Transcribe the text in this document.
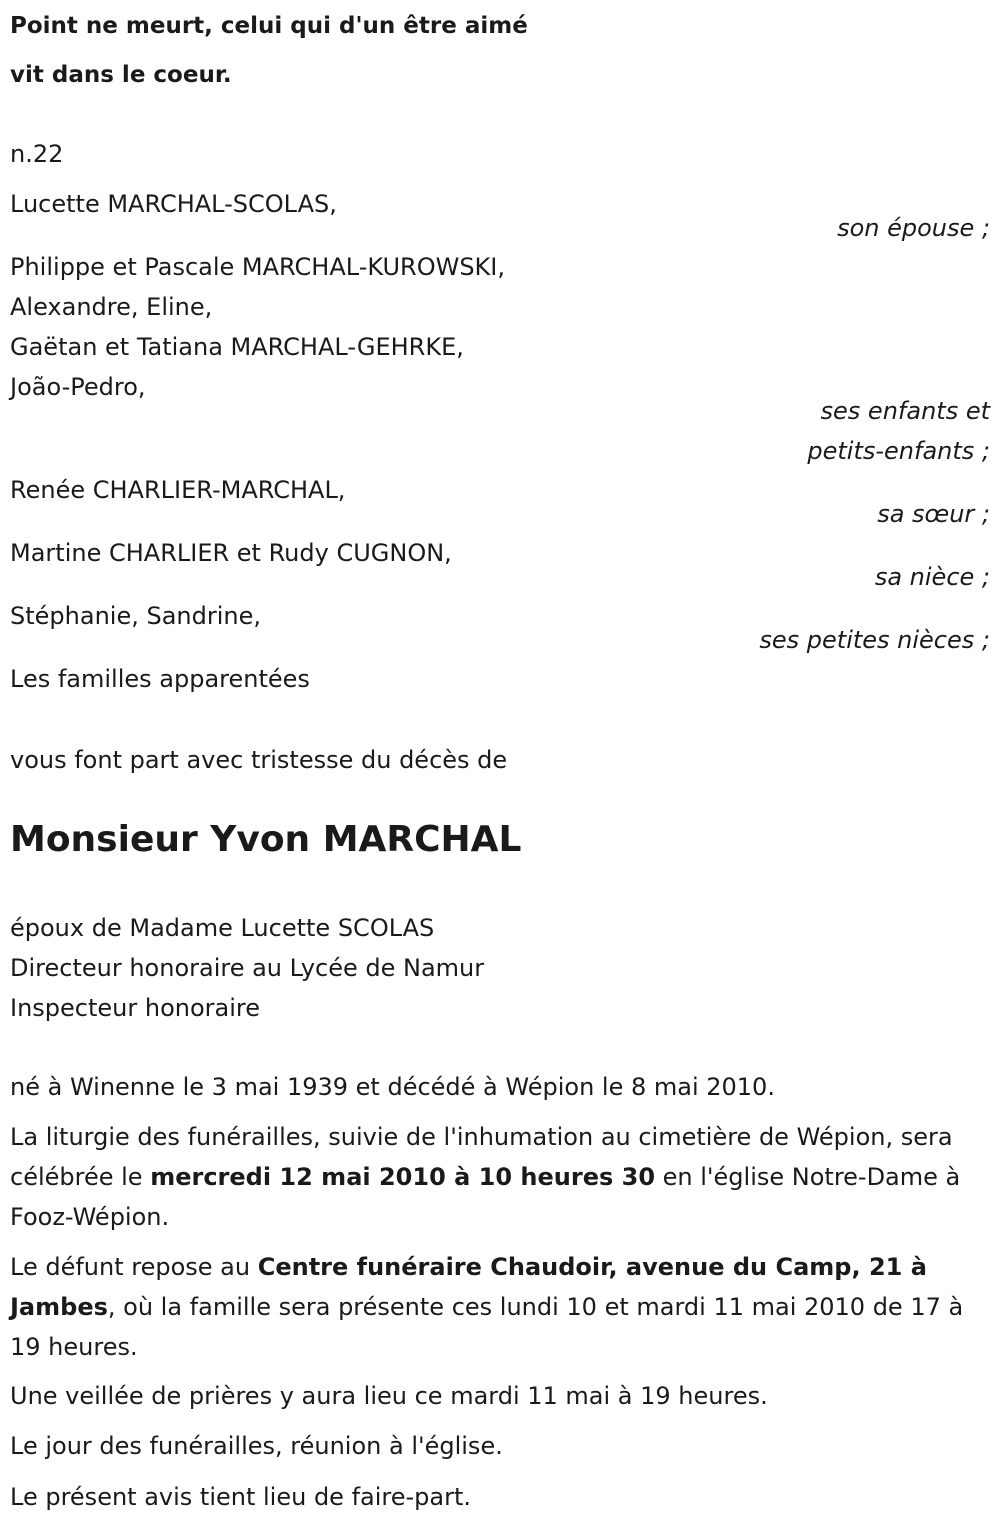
Point ne meurt, celui qui d'un être aimé
vit dans le coeur.
n.22
Lucette MARCHAL-SCOLAS,
son épouse ;
Philippe et Pascale MARCHAL-KUROWSKI,
Alexandre, Eline,
Gaëtan et Tatiana MARCHAL-GEHRKE,
João-Pedro,
ses enfants et
petits-enfants ;
Renée CHARLIER-MARCHAL,
sa sœur ;
Martine CHARLIER et Rudy CUGNON,
sa nièce ;
Stéphanie, Sandrine,
ses petites nièces ;
Les familles apparentées
vous font part avec tristesse du décès de
Monsieur Yvon MARCHAL
époux de Madame Lucette SCOLAS
Directeur honoraire au Lycée de Namur
Inspecteur honoraire
né à Winenne le 3 mai 1939 et décédé à Wépion le 8 mai 2010.
La liturgie des funérailles, suivie de l'inhumation au cimetière de Wépion, sera célébrée le mercredi 12 mai 2010 à 10 heures 30 en l'église Notre-Dame à Fooz-Wépion.
Le défunt repose au Centre funéraire Chaudoir, avenue du Camp, 21 à Jambes, où la famille sera présente ces lundi 10 et mardi 11 mai 2010 de 17 à 19 heures.
Une veillée de prières y aura lieu ce mardi 11 mai à 19 heures.
Le jour des funérailles, réunion à l'église.
Le présent avis tient lieu de faire-part.
